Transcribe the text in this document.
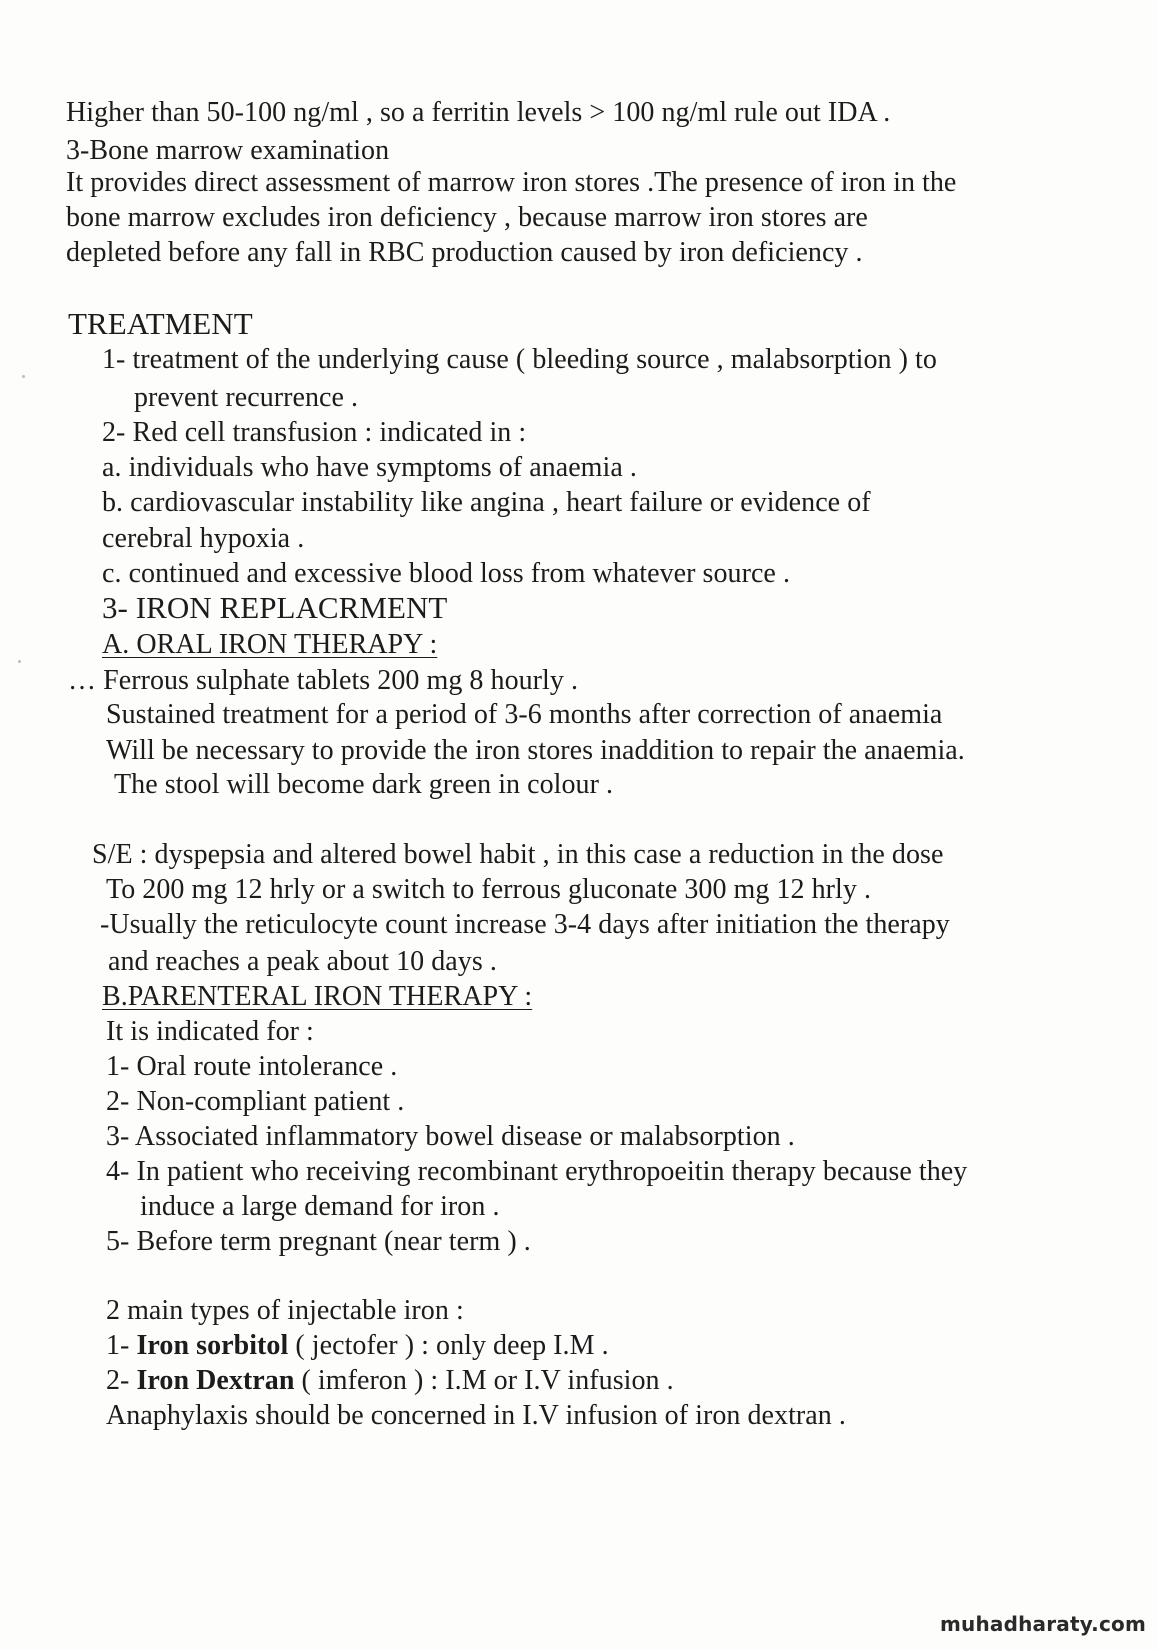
Higher than 50-100 ng/ml , so a ferritin levels > 100 ng/ml rule out IDA .
3-Bone marrow examination
It provides direct assessment of marrow iron stores .The presence of iron in the
bone marrow excludes iron deficiency , because marrow iron stores are
depleted before any fall in RBC production caused by iron deficiency .
TREATMENT
1- treatment of the underlying cause ( bleeding source , malabsorption ) to
prevent recurrence .
2- Red cell transfusion : indicated in :
a. individuals who have symptoms of anaemia .
b. cardiovascular instability like angina , heart failure or evidence of
cerebral hypoxia .
c. continued and excessive blood loss from whatever source .
3- IRON REPLACRMENT
A. ORAL IRON THERAPY :
… Ferrous sulphate tablets 200 mg 8 hourly .
Sustained treatment for a period of 3-6 months after correction of anaemia
Will be necessary to provide the iron stores inaddition to repair the anaemia.
The stool will become dark green in colour .
S/E : dyspepsia and altered bowel habit , in this case a reduction in the dose
To 200 mg 12 hrly or a switch to ferrous gluconate 300 mg 12 hrly .
-Usually the reticulocyte count increase 3-4 days after initiation the therapy
and reaches a peak about 10 days .
B.PARENTERAL IRON THERAPY :
It is indicated for :
1- Oral route intolerance .
2- Non-compliant patient .
3- Associated inflammatory bowel disease or malabsorption .
4- In patient who receiving recombinant erythropoeitin therapy because they
induce a large demand for iron .
5- Before term pregnant (near term ) .
2 main types of injectable iron :
1- Iron sorbitol ( jectofer ) : only deep I.M .
2- Iron Dextran ( imferon ) : I.M or I.V infusion .
Anaphylaxis should be concerned in I.V infusion of iron dextran .
muhadharaty.com
